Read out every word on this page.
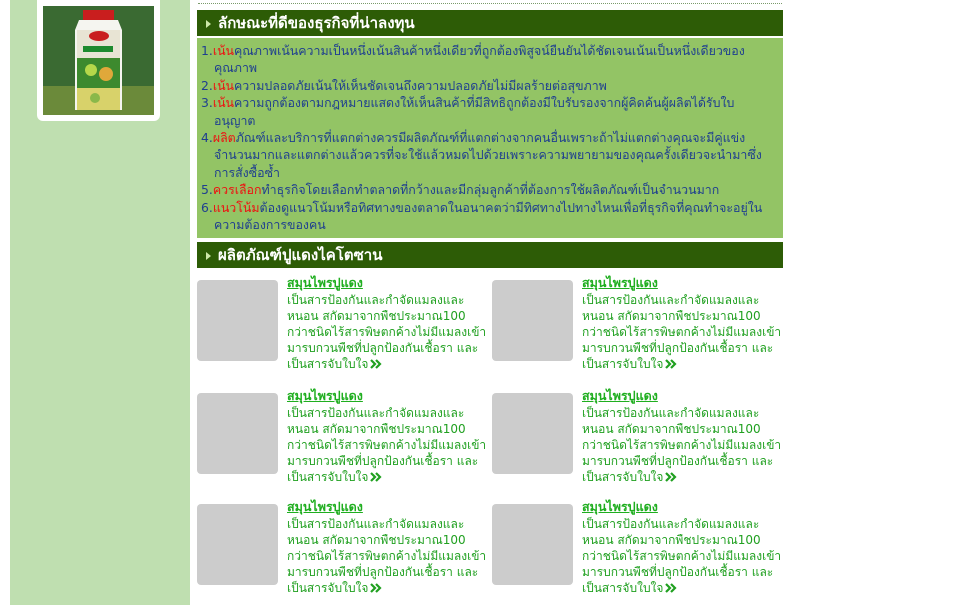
ลักษณะที่ดีของธุรกิจที่น่าลงทุน
1.เน้นคุณภาพเน้นความเป็นหนึ่งเน้นสินค้าหนึ่งเดียวที่ถูกต้องพิสูจน์ยืนยันได้ชัดเจนเน้นเป็นหนึ่งเดียวของคุณภาพ
2.เน้นความปลอดภัยเน้นให้เห็นชัดเจนถึงความปลอดภัยไม่มีผลร้ายต่อสุขภาพ
3.เน้นความถูกต้องตามกฎหมายแสดงให้เห็นสินค้าที่มีสิทธิถูกต้องมีใบรับรองจากผู้คิดค้นผู้ผลิตได้รับใบอนุญาต
4.ผลิตภัณฑ์และบริการที่แตกต่างควรมีผลิตภัณฑ์ที่แตกต่างจากคนอื่นเพราะถ้าไม่แตกต่างคุณจะมีคู่แข่งจำนวนมากและแตกต่างแล้วควรที่จะใช้แล้วหมดไปด้วยเพราะความพยายามของคุณครั้งเดียวจะนำมาซึ่งการสั่งซื้อซ้ำ
5.ควรเลือกทำธุรกิจโดยเลือกทำตลาดที่กว้างและมีกลุ่มลูกค้าที่ต้องการใช้ผลิตภัณฑ์เป็นจำนวนมาก
6.แนวโน้มต้องดูแนวโน้มหรือทิศทางของตลาดในอนาคตว่ามีทิศทางไปทางไหนเพื่อที่ธุรกิจที่คุณทำจะอยู่ในความต้องการของคน
ผลิตภัณฑ์ปูแดงไคโตซาน
สมุนไพรปูแดง
เป็นสารป้องกันและกำจัดแมลงและหนอน สกัดมาจากพืชประมาณ100 กว่าชนิดไร้สารพิษตกค้างไม่มีแมลงเข้ามารบกวนพืชที่ปลูกป้องกันเชื้อรา และเป็นสารจับใบใจ
สมุนไพรปูแดง
เป็นสารป้องกันและกำจัดแมลงและหนอน สกัดมาจากพืชประมาณ100 กว่าชนิดไร้สารพิษตกค้างไม่มีแมลงเข้ามารบกวนพืชที่ปลูกป้องกันเชื้อรา และเป็นสารจับใบใจ
สมุนไพรปูแดง
เป็นสารป้องกันและกำจัดแมลงและหนอน สกัดมาจากพืชประมาณ100 กว่าชนิดไร้สารพิษตกค้างไม่มีแมลงเข้ามารบกวนพืชที่ปลูกป้องกันเชื้อรา และเป็นสารจับใบใจ
สมุนไพรปูแดง
เป็นสารป้องกันและกำจัดแมลงและหนอน สกัดมาจากพืชประมาณ100 กว่าชนิดไร้สารพิษตกค้างไม่มีแมลงเข้ามารบกวนพืชที่ปลูกป้องกันเชื้อรา และเป็นสารจับใบใจ
สมุนไพรปูแดง
เป็นสารป้องกันและกำจัดแมลงและหนอน สกัดมาจากพืชประมาณ100 กว่าชนิดไร้สารพิษตกค้างไม่มีแมลงเข้ามารบกวนพืชที่ปลูกป้องกันเชื้อรา และเป็นสารจับใบใจ
สมุนไพรปูแดง
เป็นสารป้องกันและกำจัดแมลงและหนอน สกัดมาจากพืชประมาณ100 กว่าชนิดไร้สารพิษตกค้างไม่มีแมลงเข้ามารบกวนพืชที่ปลูกป้องกันเชื้อรา และเป็นสารจับใบใจ
